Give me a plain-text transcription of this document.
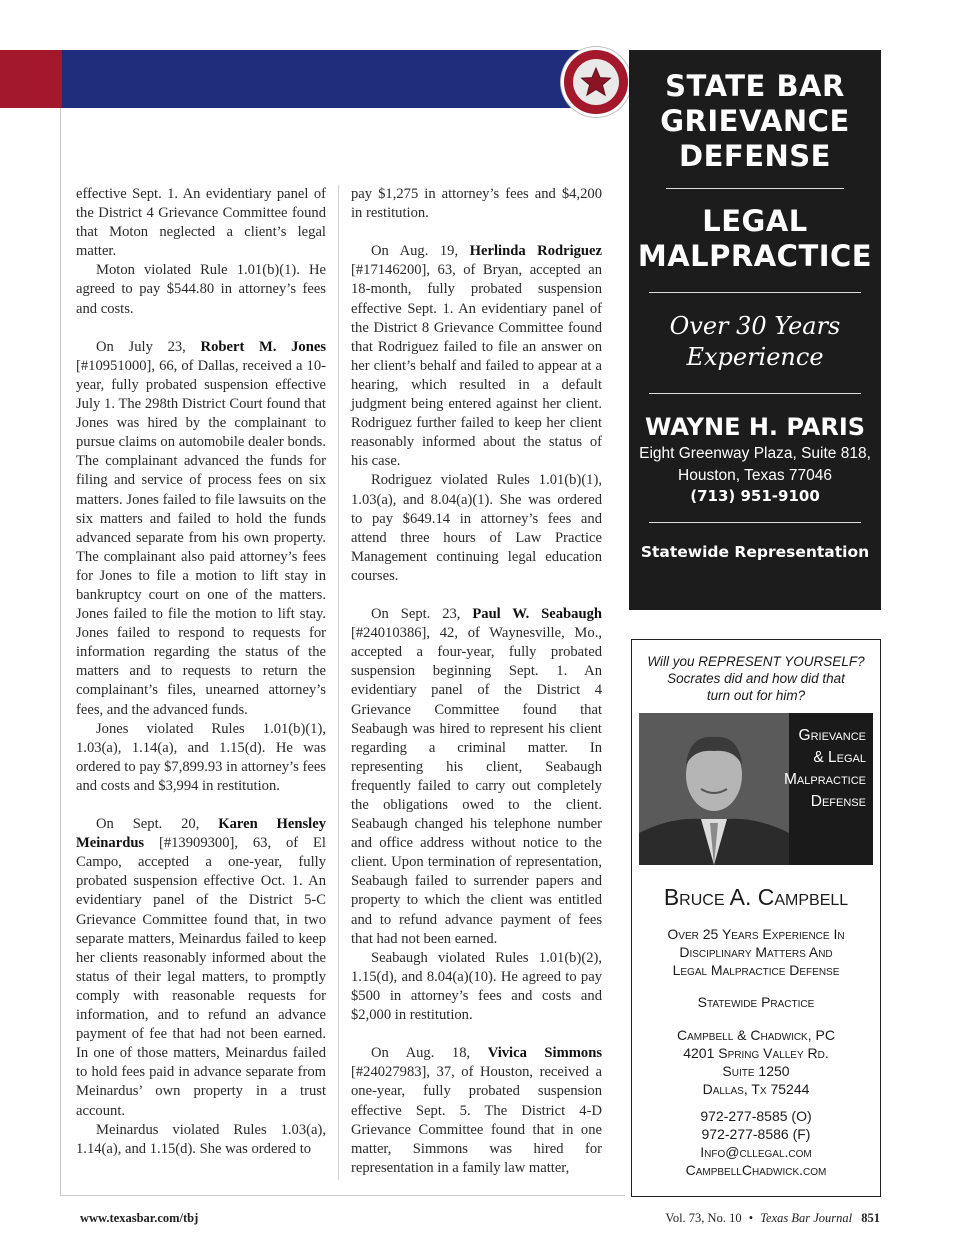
effective Sept. 1. An evidentiary panel of the District 4 Grievance Committee found that Moton neglected a client’s legal matter.

Moton violated Rule 1.01(b)(1). He agreed to pay $544.80 in attorney’s fees and costs.

On July 23, Robert M. Jones [#10951000], 66, of Dallas, received a 10-year, fully probated suspension effective July 1. The 298th District Court found that Jones was hired by the complainant to pursue claims on automobile dealer bonds. The complainant advanced the funds for filing and service of process fees on six matters. Jones failed to file lawsuits on the six matters and failed to hold the funds advanced separate from his own property. The complainant also paid attorney’s fees for Jones to file a motion to lift stay in bankruptcy court on one of the matters. Jones failed to file the motion to lift stay. Jones failed to respond to requests for information regarding the status of the matters and to requests to return the complainant’s files, unearned attorney’s fees, and the advanced funds.

Jones violated Rules 1.01(b)(1), 1.03(a), 1.14(a), and 1.15(d). He was ordered to pay $7,899.93 in attorney’s fees and costs and $3,994 in restitution.

On Sept. 20, Karen Hensley Meinardus [#13909300], 63, of El Campo, accepted a one-year, fully probated suspension effective Oct. 1. An evidentiary panel of the District 5-C Grievance Committee found that, in two separate matters, Meinardus failed to keep her clients reasonably informed about the status of their legal matters, to promptly comply with reasonable requests for information, and to refund an advance payment of fee that had not been earned. In one of those matters, Meinardus failed to hold fees paid in advance separate from Meinardus’ own property in a trust account.

Meinardus violated Rules 1.03(a), 1.14(a), and 1.15(d). She was ordered to

pay $1,275 in attorney’s fees and $4,200 in restitution.

On Aug. 19, Herlinda Rodriguez [#17146200], 63, of Bryan, accepted an 18-month, fully probated suspension effective Sept. 1. An evidentiary panel of the District 8 Grievance Committee found that Rodriguez failed to file an answer on her client’s behalf and failed to appear at a hearing, which resulted in a default judgment being entered against her client. Rodriguez further failed to keep her client reasonably informed about the status of his case.

Rodriguez violated Rules 1.01(b)(1), 1.03(a), and 8.04(a)(1). She was ordered to pay $649.14 in attorney’s fees and attend three hours of Law Practice Management continuing legal education courses.

On Sept. 23, Paul W. Seabaugh [#24010386], 42, of Waynesville, Mo., accepted a four-year, fully probated suspension beginning Sept. 1. An evidentiary panel of the District 4 Grievance Committee found that Seabaugh was hired to represent his client regarding a criminal matter. In representing his client, Seabaugh frequently failed to carry out completely the obligations owed to the client. Seabaugh changed his telephone number and office address without notice to the client. Upon termination of representation, Seabaugh failed to surrender papers and property to which the client was entitled and to refund advance payment of fees that had not been earned.

Seabaugh violated Rules 1.01(b)(2), 1.15(d), and 8.04(a)(10). He agreed to pay $500 in attorney’s fees and costs and $2,000 in restitution.

On Aug. 18, Vivica Simmons [#24027983], 37, of Houston, received a one-year, fully probated suspension effective Sept. 5. The District 4-D Grievance Committee found that in one matter, Simmons was hired for representation in a family law matter,

STATE BAR
GRIEVANCE
DEFENSE
LEGAL
MALPRACTICE
Over 30 Years
Experience
WAYNE H. PARIS
Eight Greenway Plaza, Suite 818,
Houston, Texas 77046
(713) 951-9100
Statewide Representation
Will you REPRESENT YOURSELF?
Socrates did and how did that
turn out for him?
Grievance
& Legal
Malpractice
Defense
Bruce A. Campbell
Over 25 Years Experience In
Disciplinary Matters And
Legal Malpractice Defense
Statewide Practice
Campbell & Chadwick, PC
4201 Spring Valley Rd.
Suite 1250
Dallas, Tx 75244
972-277-8585 (O)
972-277-8586 (F)
Info@cllegal.com
CampbellChadwick.com
www.texasbar.com/tbj	Vol. 73, No. 10 • Texas Bar Journal 851
